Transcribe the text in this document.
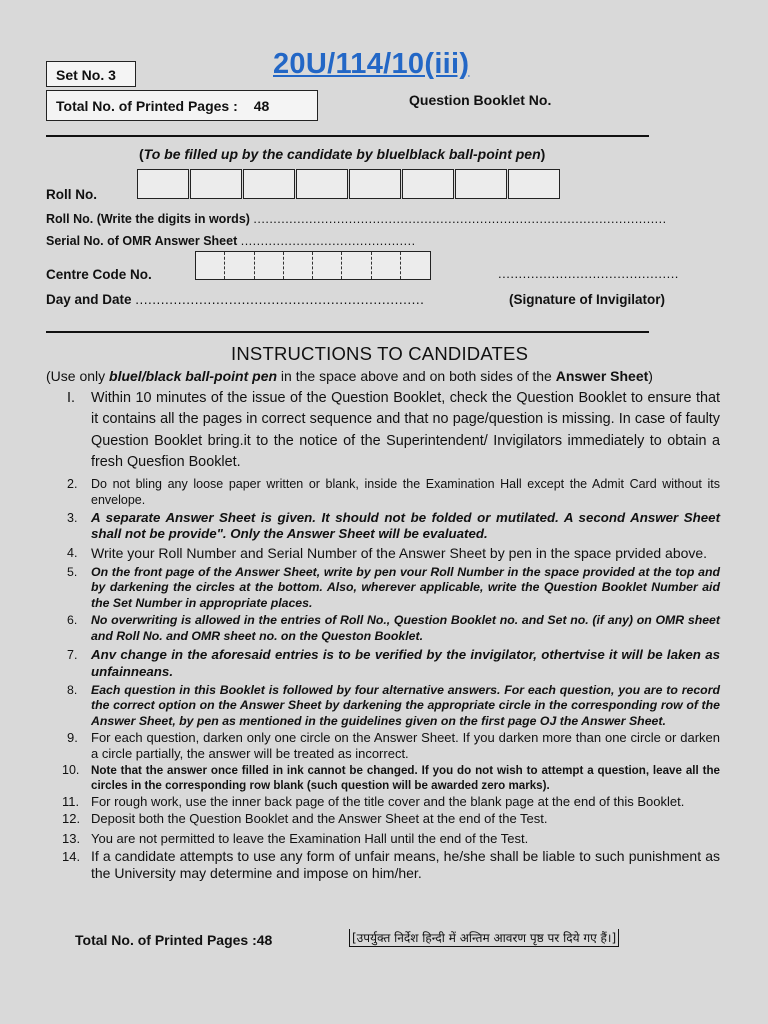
Set No. 3	20U/114/10(iii)
Total No. of Printed Pages : 48	Question Booklet No.
(To be filled up by the candidate by bluelblack ball-point pen)
Roll No.
Roll No. (Write the digits in words) ........................................................................................................
Serial No. of OMR Answer Sheet ............................................
Centre Code No.	............................................
Day and Date ....................................................................	(Signature of Invigilator)
INSTRUCTIONS TO CANDIDATES
(Use only bluel/black ball-point pen in the space above and on both sides of the Answer Sheet)
I. Within 10 minutes of the issue of the Question Booklet, check the Question Booklet to ensure that it contains all the pages in correct sequence and that no page/question is missing. In case of faulty Question Booklet bring.it to the notice of the Superintendent/ Invigilators immediately to obtain a fresh Quesfion Booklet.
2. Do not bling any loose paper written or blank, inside the Examination Hall except the Admit Card without its envelope.
3. A separate Answer Sheet is given. It should not be folded or mutilated. A second Answer Sheet shall not be provide". Only the Answer Sheet will be evaluated.
4. Write your Roll Number and Serial Number of the Answer Sheet by pen in the space prvided above.
5. On the front page of the Answer Sheet, write by pen vour Roll Number in the space provided at the top and by darkening the circles at the bottom. Also, wherever applicable, write the Question Booklet Number aid the Set Number in appropriate places.
6. No overwriting is allowed in the entries of Roll No., Question Booklet no. and Set no. (if any) on OMR sheet and Roll No. and OMR sheet no. on the Queston Booklet.
7. Anv change in the aforesaid entries is to be verified by the invigilator, othertvise it will be laken as unfainneans.
8. Each question in this Booklet is followed by four alternative answers. For each question, you are to record the correct option on the Answer Sheet by darkening the appropriate circle in the corresponding row of the Answer Sheet, by pen as mentioned in the guidelines given on the first page OJ the Answer Sheet.
9. For each question, darken only one circle on the Answer Sheet. If you darken more than one circle or darken a circle partially, the answer will be treated as incorrect.
10. Note that the answer once filled in ink cannot be changed. If you do not wish to attempt a question, leave all the circles in the corresponding row blank (such question will be awarded zero marks).
11. For rough work, use the inner back page of the title cover and the blank page at the end of this Booklet.
12. Deposit both the Question Booklet and the Answer Sheet at the end of the Test.
13. You are not permitted to leave the Examination Hall until the end of the Test.
14. If a candidate attempts to use any form of unfair means, he/she shall be liable to such punishment as the University may determine and impose on him/her.
Total No. of Printed Pages :48	[उपर्युक्त निर्देश हिन्दी में अन्तिम आवरण पृष्ठ पर दिये गए हैं।]
